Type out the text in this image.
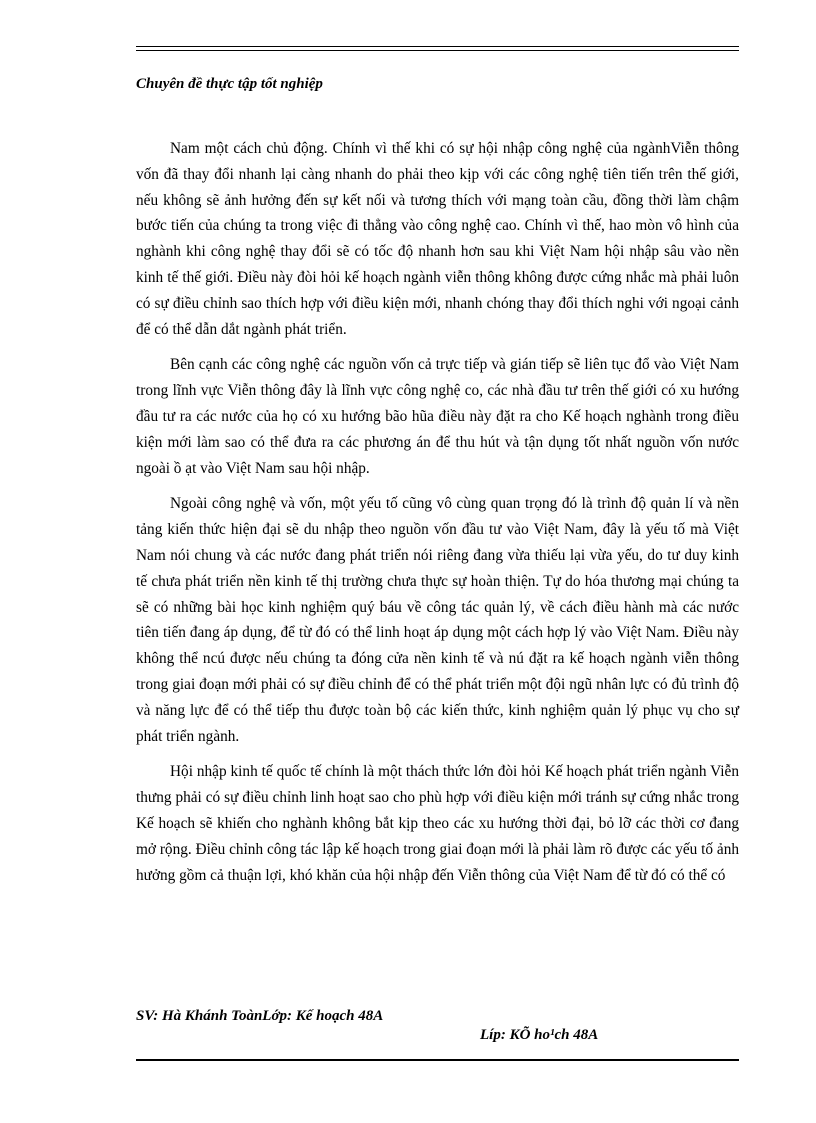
Chuyên đề thực tập tốt nghiệp

Nam một cách chủ động. Chính vì thế khi có sự hội nhập công nghệ của ngànhViễn thông vốn đã thay đổi nhanh lại càng nhanh do phải theo kịp với các công nghệ tiên tiến trên thế giới, nếu không sẽ ảnh hưởng đến sự kết nối và tương thích với mạng toàn cầu, đồng thời làm chậm bước tiến của chúng ta trong việc đi thẳng vào công nghệ cao. Chính vì thế, hao mòn vô hình của nghành khi công nghệ thay đổi sẽ có tốc độ nhanh hơn sau khi Việt Nam hội nhập sâu vào nền kinh tế thế giới. Điều này đòi hỏi kế hoạch ngành viễn thông không được cứng nhắc mà phải luôn có sự điều chỉnh sao thích hợp với điều kiện mới, nhanh chóng thay đổi thích nghi với ngoại cảnh để có thể dẫn dắt ngành phát triển.

Bên cạnh các công nghệ các nguồn vốn cả trực tiếp và gián tiếp sẽ liên tục đổ vào Việt Nam trong lĩnh vực Viễn thông đây là lĩnh vực công nghệ co, các nhà đầu tư trên thế giới có xu hướng đầu tư ra các nước của họ có xu hướng bão hũa điều này đặt ra cho Kế hoạch nghành trong điều kiện mới làm sao có thể đưa ra các phương án để thu hút và tận dụng tốt nhất nguồn vốn nước ngoài ồ ạt vào Việt Nam sau hội nhập.

Ngoài công nghệ và vốn, một yếu tố cũng vô cùng quan trọng đó là trình độ quản lí và nền tảng kiến thức hiện đại sẽ du nhập theo nguồn vốn đầu tư vào Việt Nam, đây là yếu tố mà Việt Nam nói chung và các nước đang phát triển nói riêng đang vừa thiếu lại vừa yếu, do tư duy kinh tế chưa phát triển nền kinh tế thị trường chưa thực sự hoàn thiện. Tự do hóa thương mại chúng ta sẽ có những bài học kinh nghiệm quý báu về công tác quản lý, về cách điều hành mà các nước tiên tiến đang áp dụng, để từ đó có thể linh hoạt áp dụng một cách hợp lý vào Việt Nam. Điều này không thể ncú được nếu chúng ta đóng cửa nền kinh tế và nú đặt ra kế hoạch ngành viễn thông trong giai đoạn mới phải có sự điều chỉnh để có thể phát triển một đội ngũ nhân lực có đủ trình độ và năng lực để có thể tiếp thu được toàn bộ các kiến thức, kinh nghiệm quản lý phục vụ cho sự phát triển ngành.

Hội nhập kinh tế quốc tế chính là một thách thức lớn đòi hỏi Kế hoạch phát triển ngành Viễn thưng phải có sự điều chỉnh linh hoạt sao cho phù hợp với điều kiện mới tránh sự cứng nhắc trong Kế hoạch sẽ khiến cho nghành không bắt kịp theo các xu hướng thời đại, bỏ lỡ các thời cơ đang mở rộng. Điều chỉnh công tác lập kế hoạch trong giai đoạn mới là phải làm rõ được các yếu tố ảnh hưởng gồm cả thuận lợi, khó khăn của hội nhập đến Viễn thông của Việt Nam để từ đó có thể có

SV: Hà Khánh ToànLớp: Kế hoạch 48A
Líp: KÕ ho¹ch 48A
